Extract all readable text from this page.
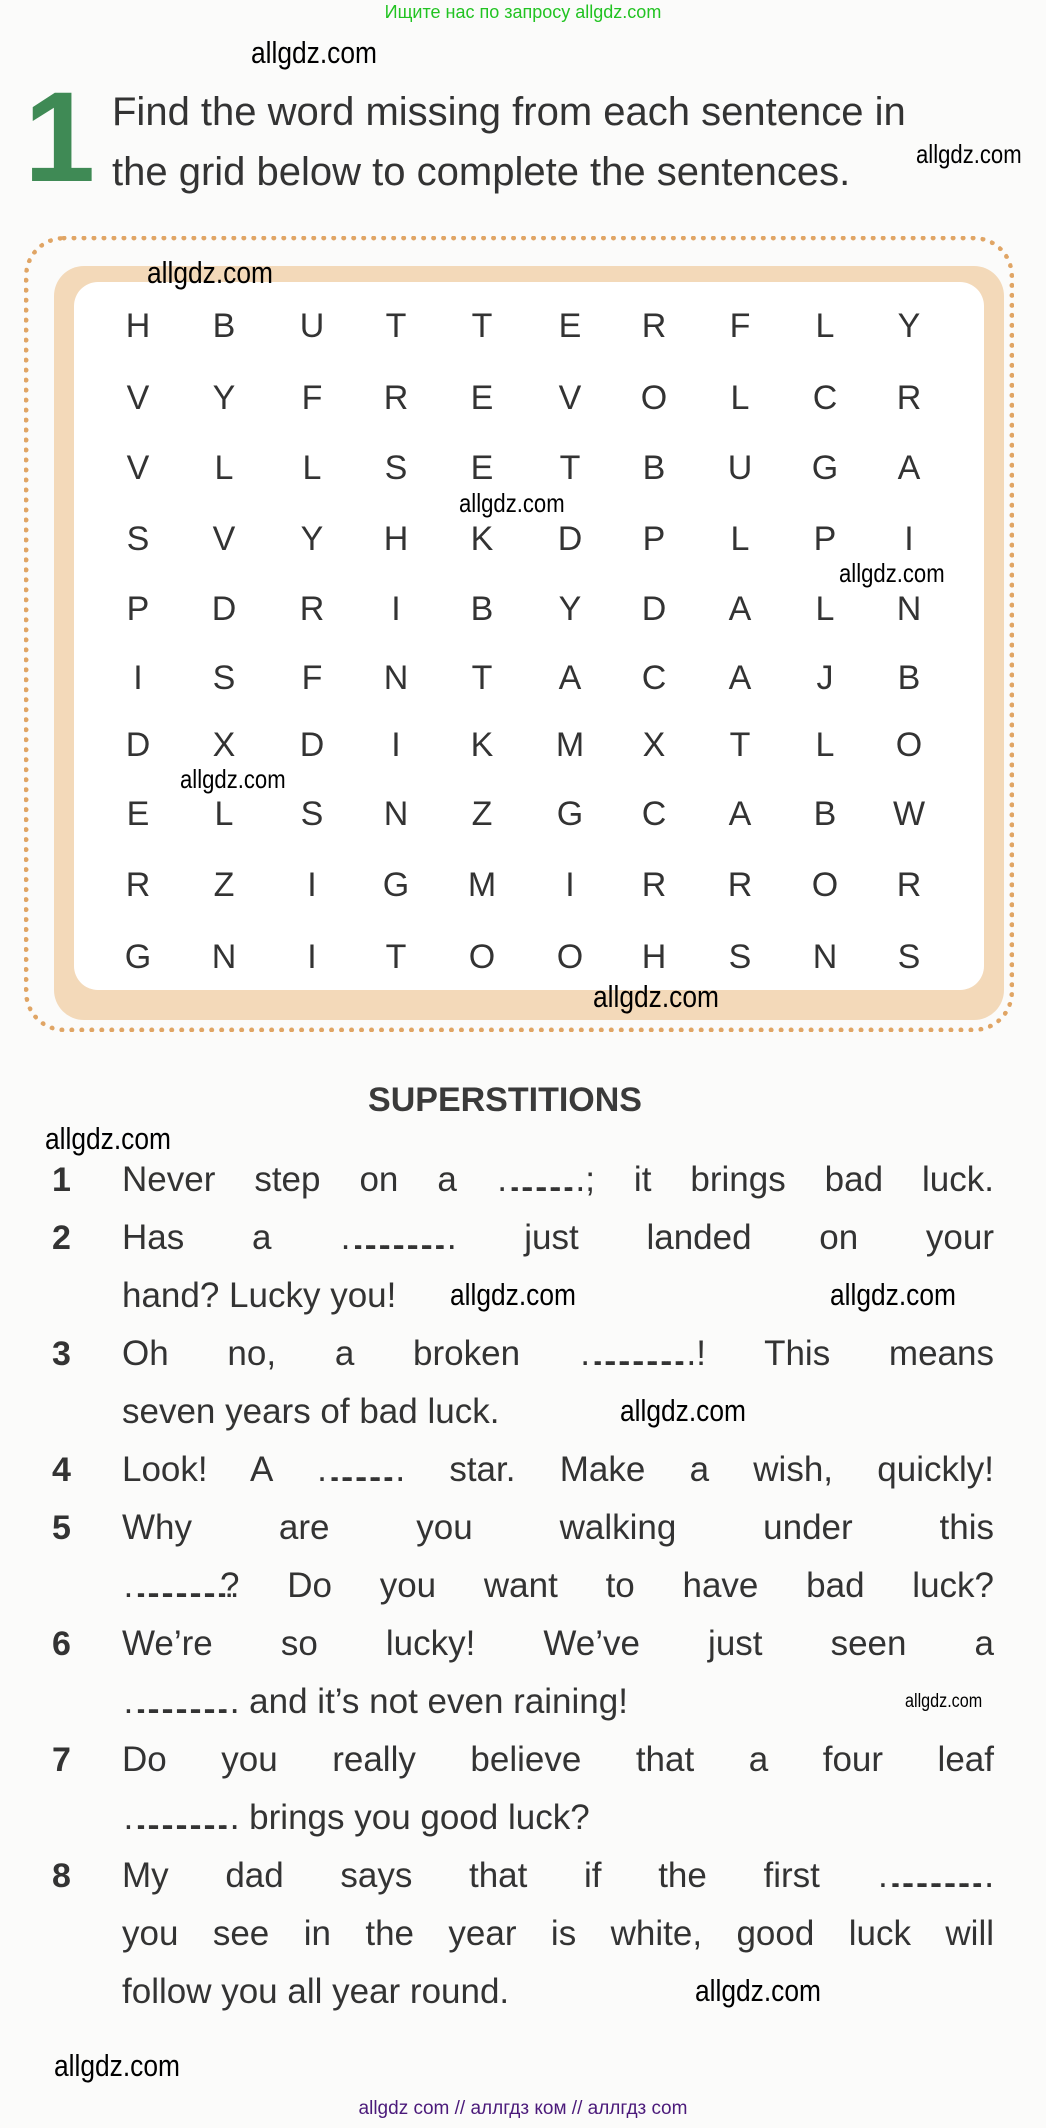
Ищите нас по запросу allgdz.com
1 Find the word missing from each sentence in
the grid below to complete the sentences.
SUPERSTITIONS
1 Never step on a ……………..; it brings bad luck.
2 Has a ………………….. just landed on your
hand? Lucky you!
3 Oh no, a broken …………………..! This means
seven years of bad luck.
4 Look! A …………….. star. Make a wish, quickly!
5 Why are you walking under this
…………………? Do you want to have bad luck?
6 We’re so lucky! We’ve just seen a
………………….. and it’s not even raining!
7 Do you really believe that a four leaf
………………….. brings you good luck?
8 My dad says that if the first …………………..
you see in the year is white, good luck will
follow you all year round.
allgdz.com
allgdz.com
allgdz.com
allgdz.com
allgdz.com
allgdz.com
allgdz.com
allgdz.com
allgdz.com
allgdz.com
allgdz.com
allgdz.com
allgdz.com
allgdz.com
allgdz com // аллгдз ком // аллгдз com
H	B	U	T	T	E	R	F	L	Y
V	Y	F	R	E	V	O	L	C	R
V	L	L	S	E	T	B	U	G	A
S	V	Y	H	K	D	P	L	P	I
P	D	R	I	B	Y	D	A	L	N
I	S	F	N	T	A	C	A	J	B
D	X	D	I	K	M	X	T	L	O
E	L	S	N	Z	G	C	A	B	W
R	Z	I	G	M	I	R	R	O	R
G	N	I	T	O	O	H	S	N	S
